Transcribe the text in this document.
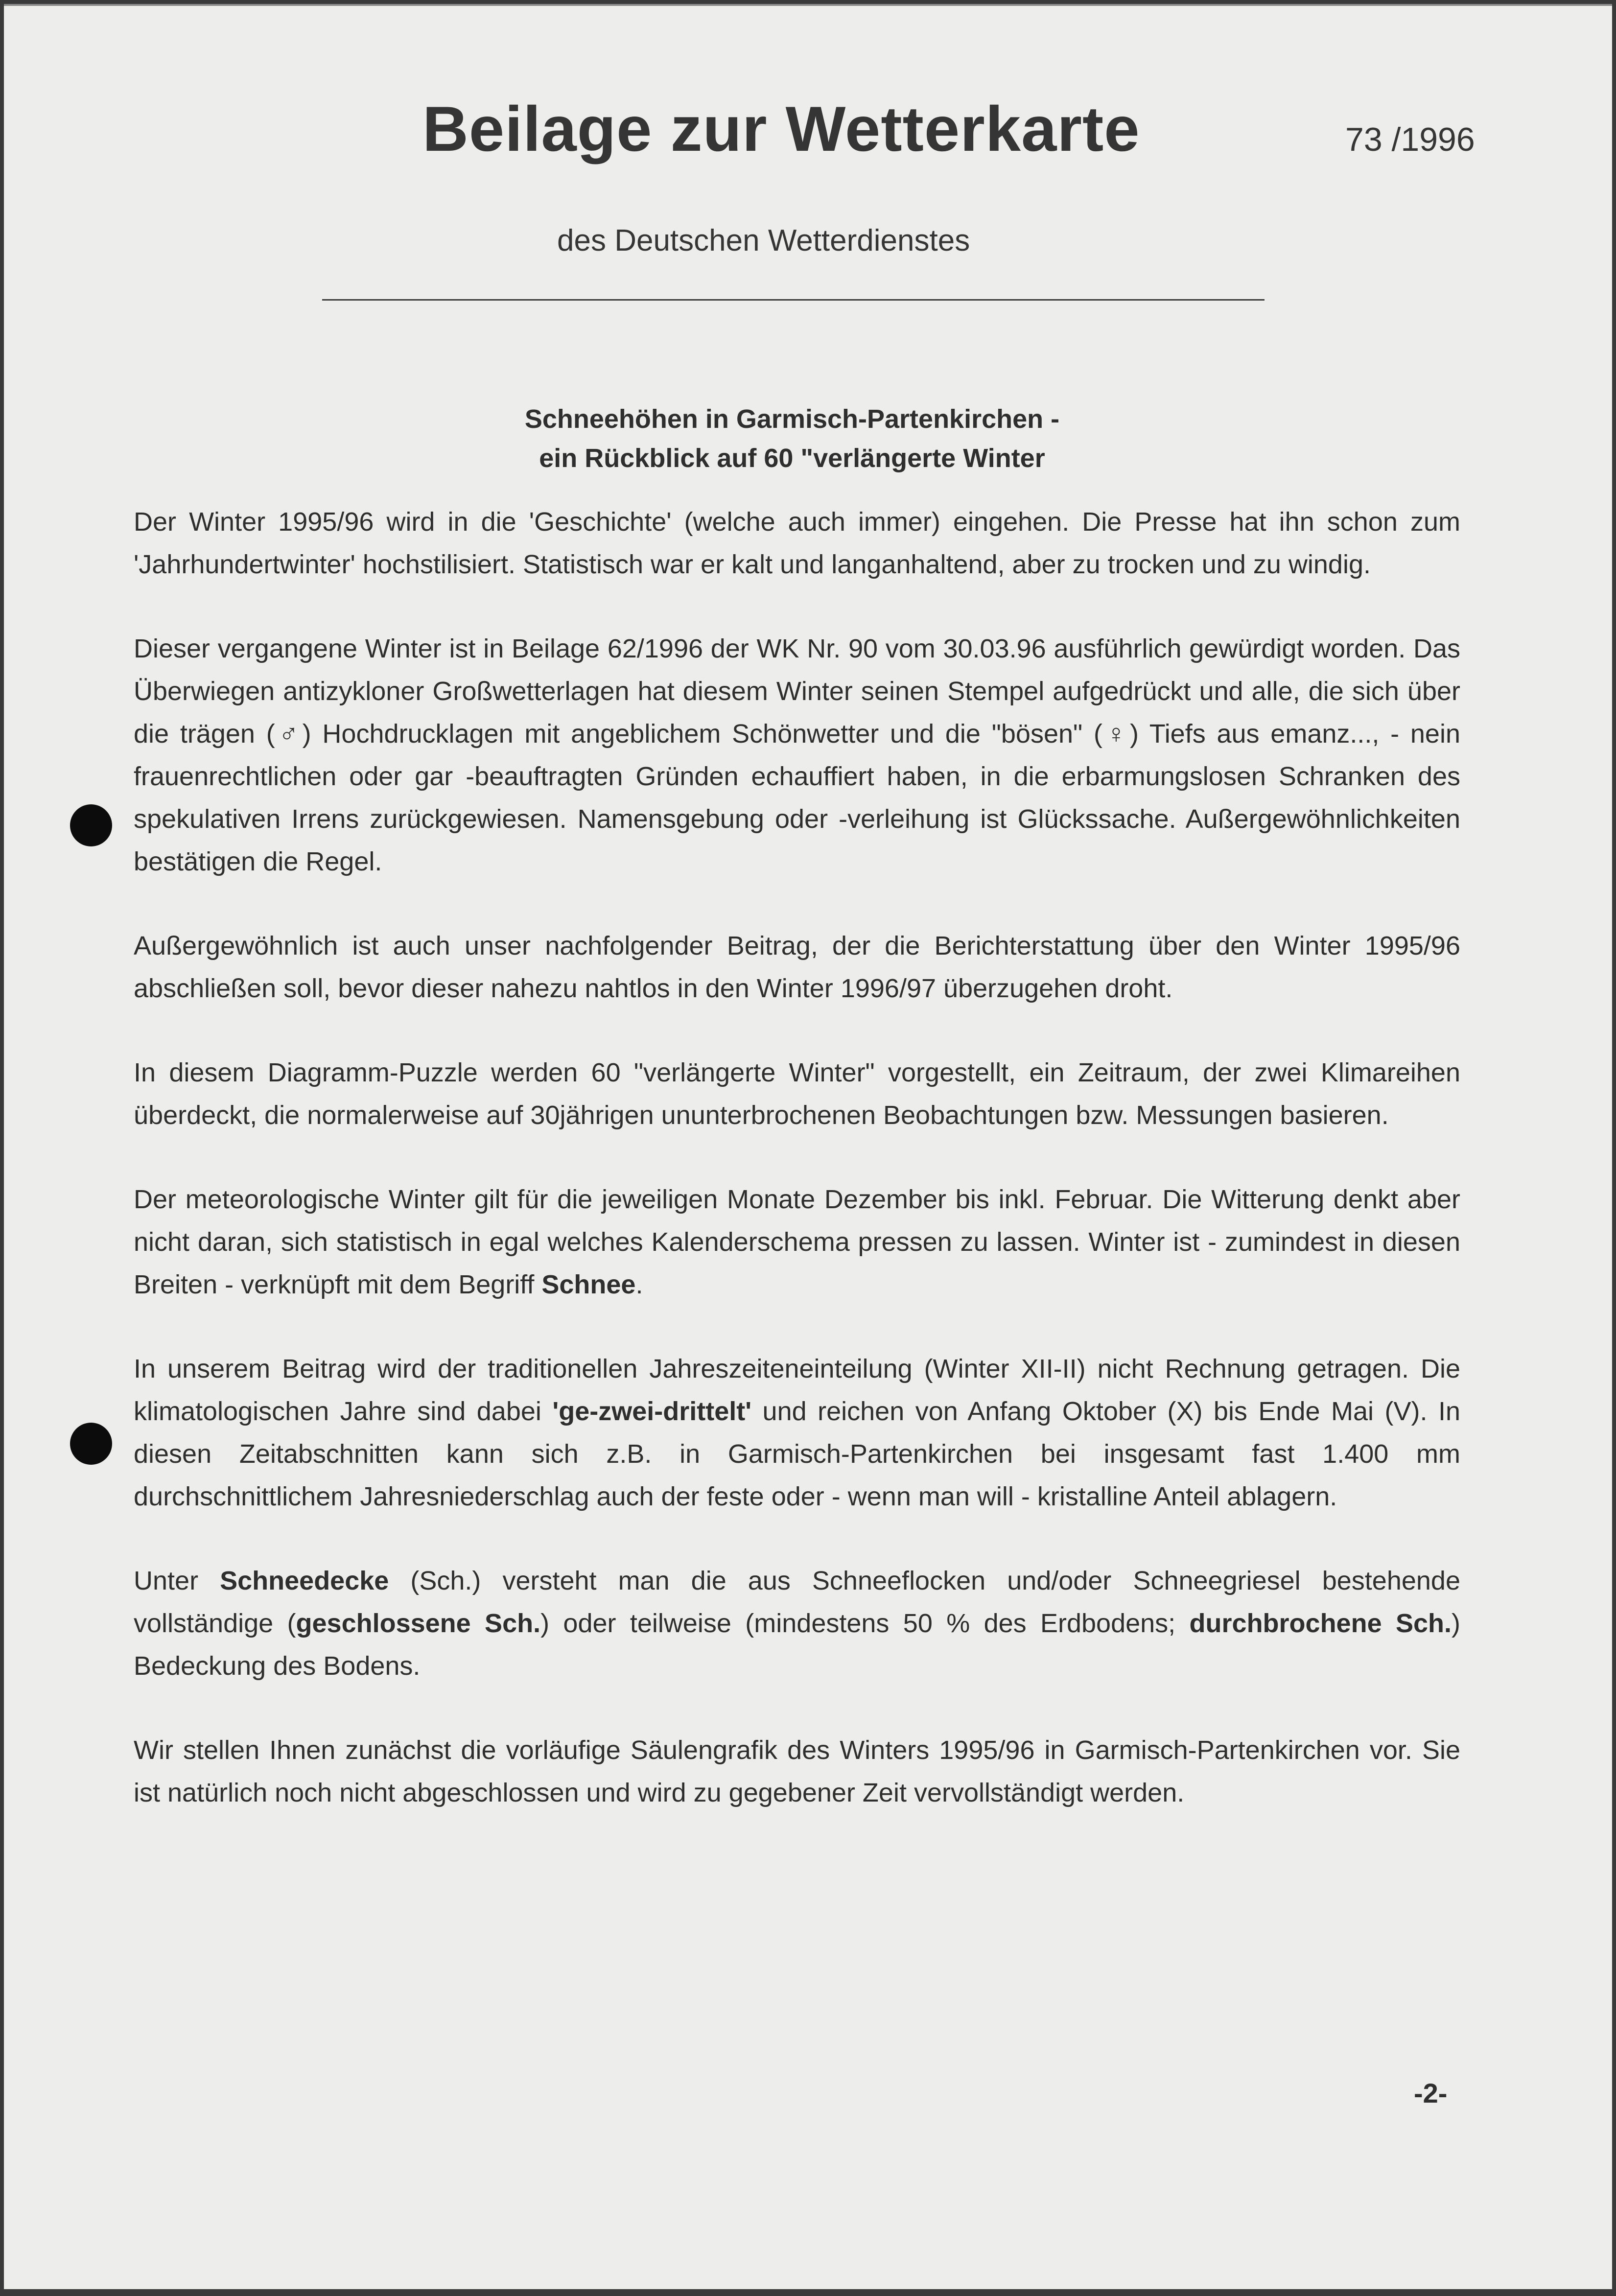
Beilage zur Wetterkarte	73 /1996
des Deutschen Wetterdienstes
Schneehöhen in Garmisch-Partenkirchen -
ein Rückblick auf 60 "verlängerte Winter

Der Winter 1995/96 wird in die 'Geschichte' (welche auch immer) eingehen. Die Presse hat ihn schon zum 'Jahrhundertwinter' hochstilisiert. Statistisch war er kalt und langanhaltend, aber zu trocken und zu windig.

Dieser vergangene Winter ist in Beilage 62/1996 der WK Nr. 90 vom 30.03.96 ausführlich gewürdigt worden. Das Überwiegen antizykloner Großwetterlagen hat diesem Winter seinen Stempel aufgedrückt und alle, die sich über die trägen (♂) Hochdrucklagen mit angeblichem Schönwetter und die "bösen" (♀) Tiefs aus emanz..., - nein frauenrechtlichen oder gar -beauftragten Gründen echauffiert haben, in die erbarmungslosen Schranken des spekulativen Irrens zurückgewiesen. Namensgebung oder -verleihung ist Glückssache. Außergewöhnlichkeiten bestätigen die Regel.

Außergewöhnlich ist auch unser nachfolgender Beitrag, der die Berichterstattung über den Winter 1995/96 abschließen soll, bevor dieser nahezu nahtlos in den Winter 1996/97 überzugehen droht.

In diesem Diagramm-Puzzle werden 60 "verlängerte Winter" vorgestellt, ein Zeitraum, der zwei Klimareihen überdeckt, die normalerweise auf 30jährigen ununterbrochenen Beobachtungen bzw. Messungen basieren.

Der meteorologische Winter gilt für die jeweiligen Monate Dezember bis inkl. Februar. Die Witterung denkt aber nicht daran, sich statistisch in egal welches Kalenderschema pressen zu lassen. Winter ist - zumindest in diesen Breiten - verknüpft mit dem Begriff Schnee.

In unserem Beitrag wird der traditionellen Jahreszeiteneinteilung (Winter XII-II) nicht Rechnung getragen. Die klimatologischen Jahre sind dabei 'ge-zwei-drittelt' und reichen von Anfang Oktober (X) bis Ende Mai (V). In diesen Zeitabschnitten kann sich z.B. in Garmisch-Partenkirchen bei insgesamt fast 1.400 mm durchschnittlichem Jahresniederschlag auch der feste oder - wenn man will - kristalline Anteil ablagern.

Unter Schneedecke (Sch.) versteht man die aus Schneeflocken und/oder Schneegriesel bestehende vollständige (geschlossene Sch.) oder teilweise (mindestens 50 % des Erdbodens; durchbrochene Sch.) Bedeckung des Bodens.

Wir stellen Ihnen zunächst die vorläufige Säulengrafik des Winters 1995/96 in Garmisch-Partenkirchen vor. Sie ist natürlich noch nicht abgeschlossen und wird zu gegebener Zeit vervollständigt werden.

-2-
